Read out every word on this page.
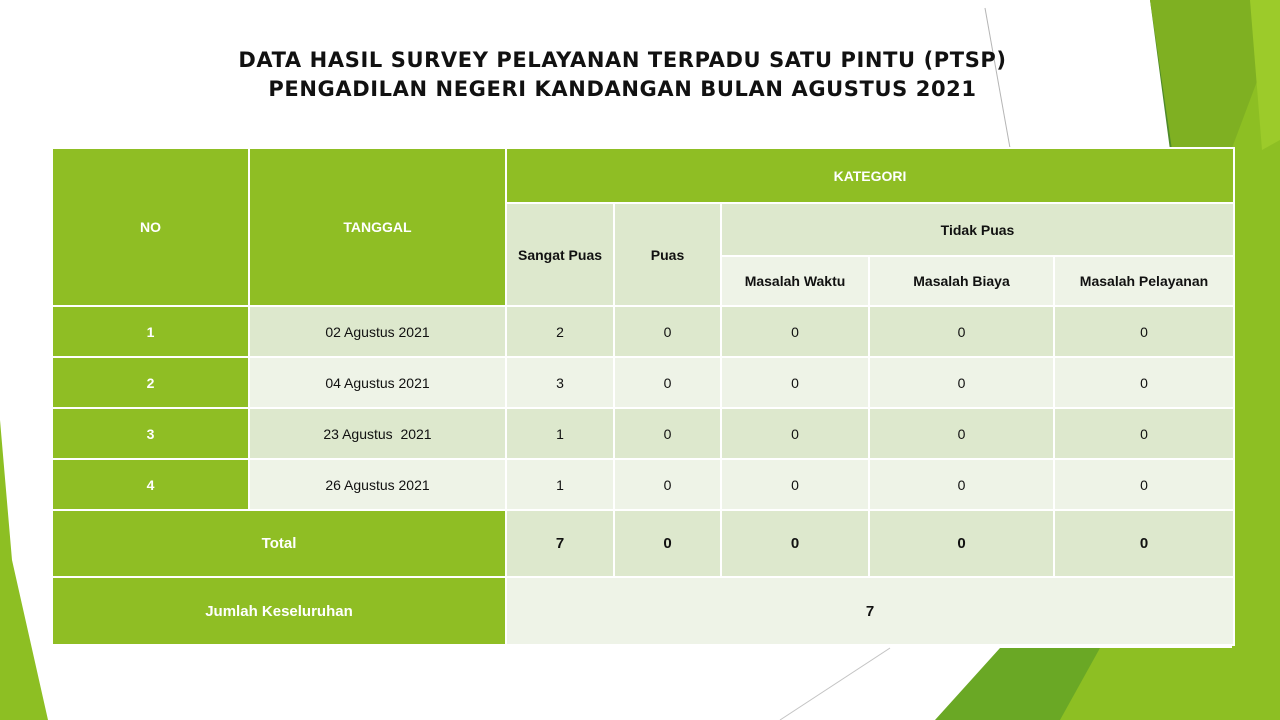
DATA HASIL SURVEY PELAYANAN TERPADU SATU PINTU (PTSP)
PENGADILAN NEGERI KANDANGAN BULAN AGUSTUS 2021
NO	TANGGAL	KATEGORI				
		Sangat Puas	Puas	Tidak Puas		
				Masalah Waktu	Masalah Biaya	Masalah Pelayanan
1	02 Agustus 2021	2	0	0	0	0
2	04 Agustus 2021	3	0	0	0	0
3	23 Agustus  2021	1	0	0	0	0
4	26 Agustus 2021	1	0	0	0	0
Total		7	0	0	0	0
Jumlah Keseluruhan		7				
